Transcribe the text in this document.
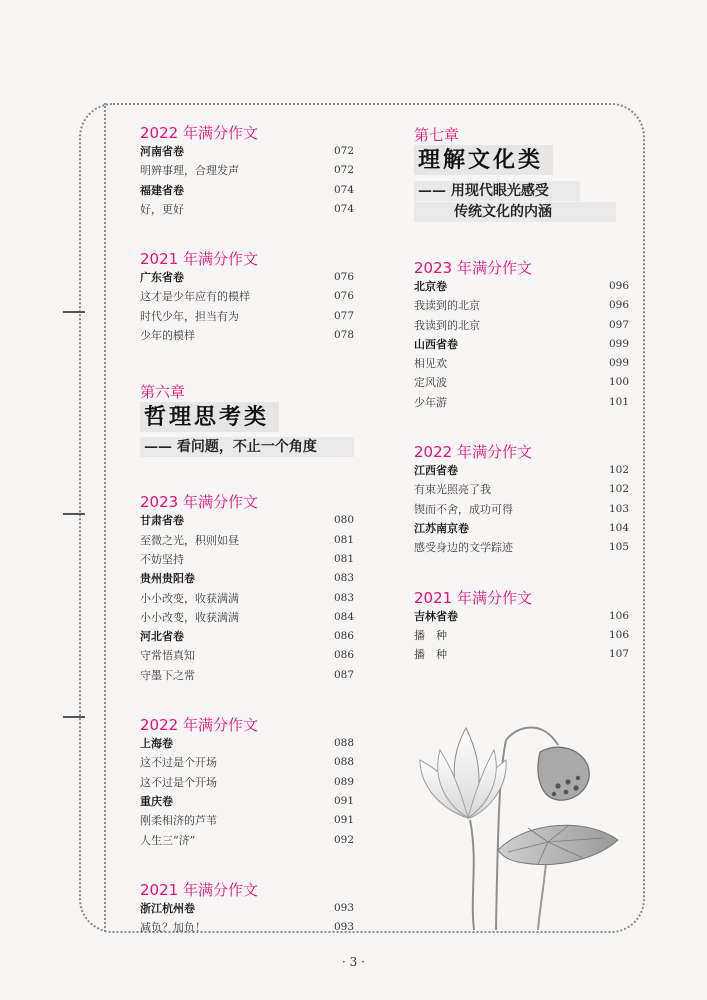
2022 年满分作文
河南省卷	072
明辨事理，合理发声	072
福建省卷	074
好，更好	074
2021 年满分作文
广东省卷	076
这才是少年应有的模样	076
时代少年，担当有为	077
少年的模样	078
第六章
哲理思考类
—— 看问题，不止一个角度
2023 年满分作文
甘肃省卷	080
至微之光，积则如昼	081
不妨坚持	081
贵州贵阳卷	083
小小改变，收获满满	083
小小改变，收获满满	084
河北省卷	086
守常悟真知	086
守墨下之常	087
2022 年满分作文
上海卷	088
这不过是个开场	088
这不过是个开场	089
重庆卷	091
刚柔相济的芦苇	091
人生三“济”	092
2021 年满分作文
浙江杭州卷	093
减负？加负！	093
第七章
理解文化类
—— 用现代眼光感受
传统文化的内涵
2023 年满分作文
北京卷	096
我读到的北京	096
我读到的北京	097
山西省卷	099
相见欢	099
定风波	100
少年游	101
2022 年满分作文
江西省卷	102
有束光照亮了我	102
锲而不舍，成功可得	103
江苏南京卷	104
感受身边的文学踪迹	105
2021 年满分作文
吉林省卷	106
播　种	106
播　种	107
· 3 ·
